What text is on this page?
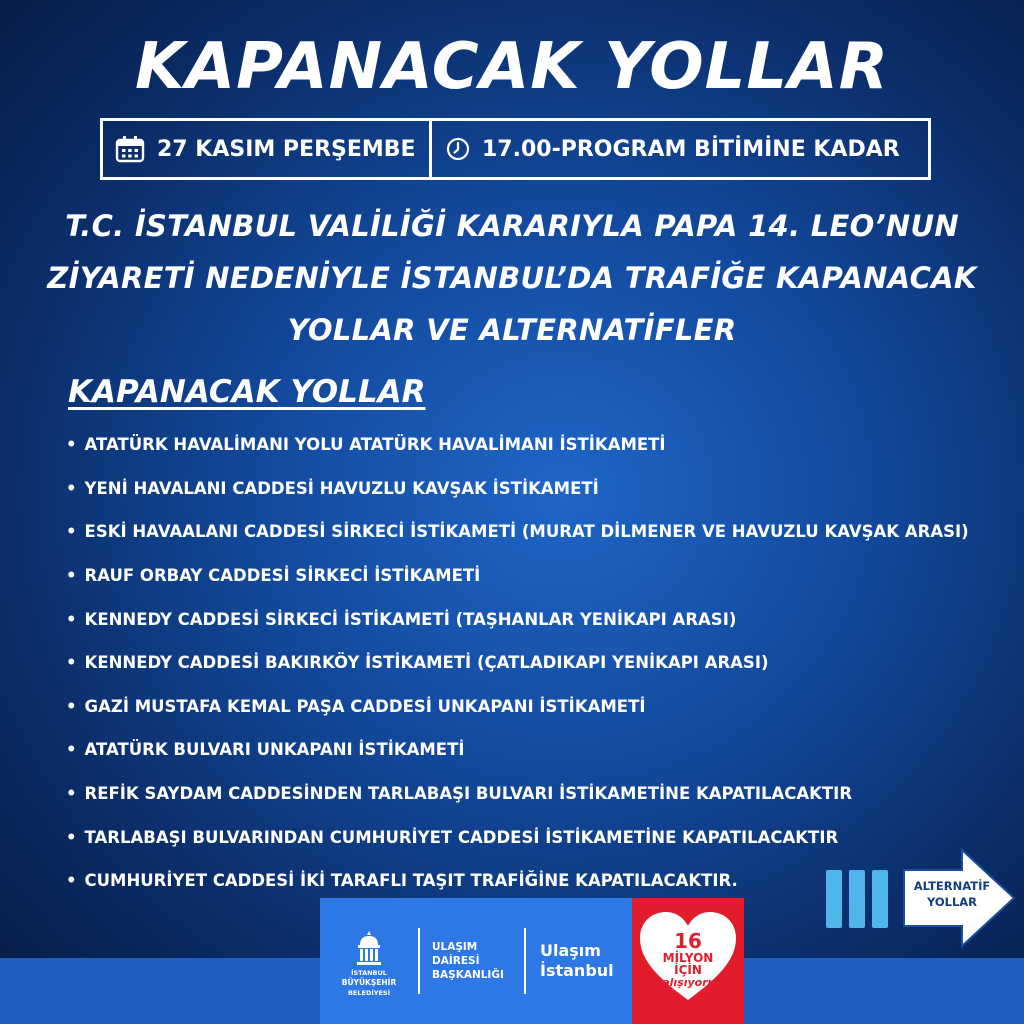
KAPANACAK YOLLAR
27 KASIM PERŞEMBE	17.00-PROGRAM BİTİMİNE KADAR
T.C. İSTANBUL VALİLİĞİ KARARIYLA PAPA 14. LEO’NUN
ZİYARETİ NEDENİYLE İSTANBUL’DA TRAFİĞE KAPANACAK
YOLLAR VE ALTERNATİFLER
KAPANACAK YOLLAR
• ATATÜRK HAVALİMANI YOLU ATATÜRK HAVALİMANI İSTİKAMETİ
• YENİ HAVALANI CADDESİ HAVUZLU KAVŞAK İSTİKAMETİ
• ESKİ HAVAALANI CADDESİ SİRKECİ İSTİKAMETİ (MURAT DİLMENER VE HAVUZLU KAVŞAK ARASI)
• RAUF ORBAY CADDESİ SİRKECİ İSTİKAMETİ
• KENNEDY CADDESİ SİRKECİ İSTİKAMETİ (TAŞHANLAR YENİKAPI ARASI)
• KENNEDY CADDESİ BAKIRKÖY İSTİKAMETİ (ÇATLADIKAPI YENİKAPI ARASI)
• GAZİ MUSTAFA KEMAL PAŞA CADDESİ UNKAPANI İSTİKAMETİ
• ATATÜRK BULVARI UNKAPANI İSTİKAMETİ
• REFİK SAYDAM CADDESİNDEN TARLABAŞI BULVARI İSTİKAMETİNE KAPATILACAKTIR
• TARLABAŞI BULVARINDAN CUMHURİYET CADDESİ İSTİKAMETİNE KAPATILACAKTIR
• CUMHURİYET CADDESİ İKİ TARAFLI TAŞIT TRAFİĞİNE KAPATILACAKTIR.	ALTERNATİF
YOLLAR
İSTANBUL
BÜYÜKŞEHİR
BELEDİYESİ
ULAŞIM
DAİRESİ
BAŞKANLIĞI
Ulaşım
İstanbul
16
MİLYON
İÇİN
Çalışıyoruz
